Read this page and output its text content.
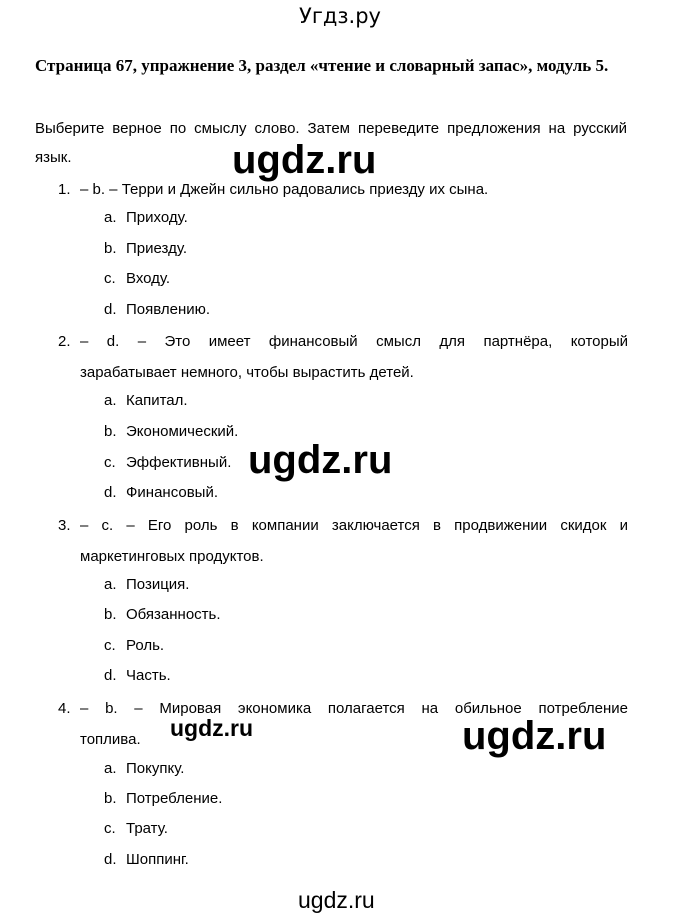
Угдз.ру
Страница 67, упражнение 3, раздел «чтение и словарный запас», модуль 5.
Выберите верное по смыслу слово. Затем переведите предложения на русский язык.
1. – b. – Терри и Джейн сильно радовались приезду их сына.
a. Приходу.
b. Приезду.
c. Входу.
d. Появлению.
2. – d. – Это имеет финансовый смысл для партнёра, который
зарабатывает немного, чтобы вырастить детей.
a. Капитал.
b. Экономический.
c. Эффективный.
d. Финансовый.
3. – c. – Его роль в компании заключается в продвижении скидок и
маркетинговых продуктов.
a. Позиция.
b. Обязанность.
c. Роль.
d. Часть.
4. – b. – Мировая экономика полагается на обильное потребление
топлива.
a. Покупку.
b. Потребление.
c. Трату.
d. Шоппинг.
ugdz.ru
ugdz.ru
ugdz.ru	ugdz.ru
ugdz.ru
